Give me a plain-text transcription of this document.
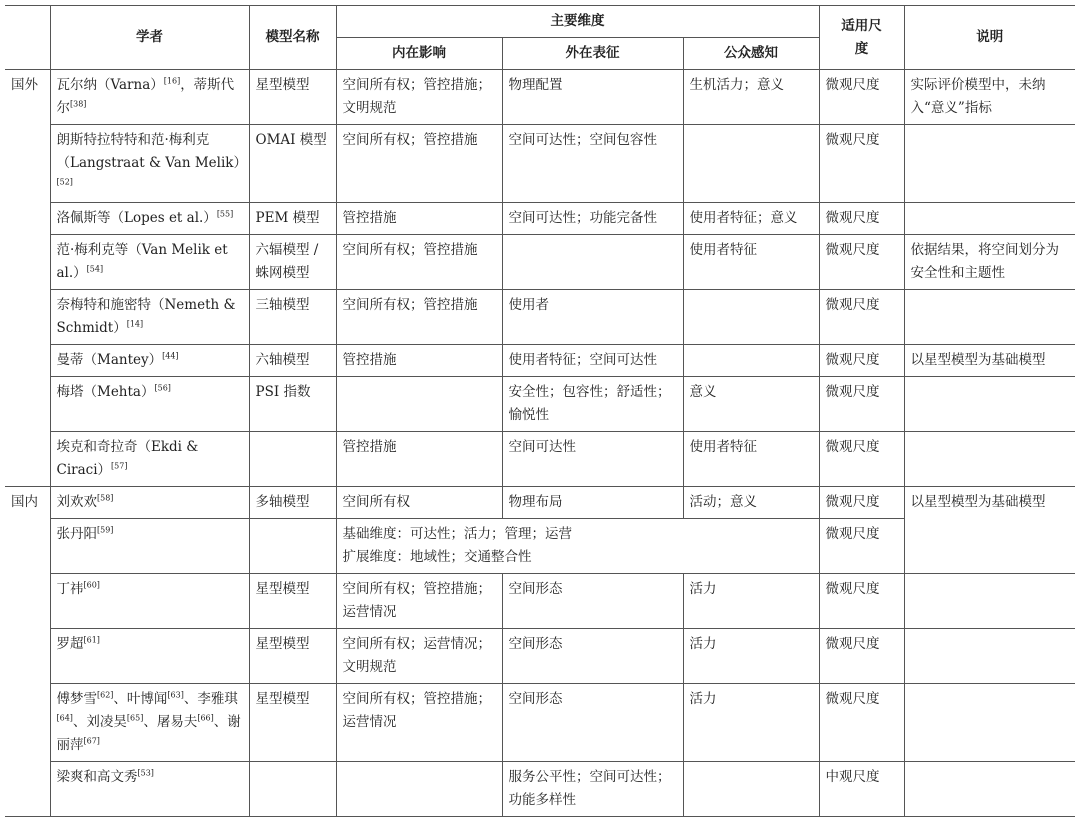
	学者	模型名称	主要维度			适用尺度	说明
			内在影响	外在表征	公众感知		
国外	瓦尔纳（Varna）[16]，蒂斯代尔[38]	星型模型	空间所有权；管控措施；文明规范	物理配置	生机活力；意义	微观尺度	实际评价模型中，未纳入“意义”指标
	朗斯特拉特特和范·梅利克（Langstraat & Van Melik）[52]	OMAI 模型	空间所有权；管控措施	空间可达性；空间包容性		微观尺度	
	洛佩斯等（Lopes et al.）[55]	PEM 模型	管控措施	空间可达性；功能完备性	使用者特征；意义	微观尺度	
	范·梅利克等（Van Melik et al.）[54]	六辐模型 / 蛛网模型	空间所有权；管控措施		使用者特征	微观尺度	依据结果，将空间划分为安全性和主题性
	奈梅特和施密特（Nemeth & Schmidt）[14]	三轴模型	空间所有权；管控措施	使用者		微观尺度	
	曼蒂（Mantey）[44]	六轴模型	管控措施	使用者特征；空间可达性		微观尺度	以星型模型为基础模型
	梅塔（Mehta）[56]	PSI 指数		安全性；包容性；舒适性；愉悦性	意义	微观尺度	
	埃克和奇拉奇（Ekdi & Ciraci）[57]		管控措施	空间可达性	使用者特征	微观尺度	
国内	刘欢欢[58]	多轴模型	空间所有权	物理布局	活动；意义	微观尺度	以星型模型为基础模型
	张丹阳[59]		基础维度：可达性；活力；管理；运营
扩展维度：地域性；交通整合性			微观尺度	
	丁祎[60]	星型模型	空间所有权；管控措施；运营情况	空间形态	活力	微观尺度	
	罗超[61]	星型模型	空间所有权；运营情况；文明规范	空间形态	活力	微观尺度	
	傅梦雪[62]、叶博闻[63]、李雅琪[64]、刘凌昊[65]、屠易夫[66]、谢丽萍[67]	星型模型	空间所有权；管控措施；运营情况	空间形态	活力	微观尺度	
	梁爽和高文秀[53]			服务公平性；空间可达性；功能多样性		中观尺度	
